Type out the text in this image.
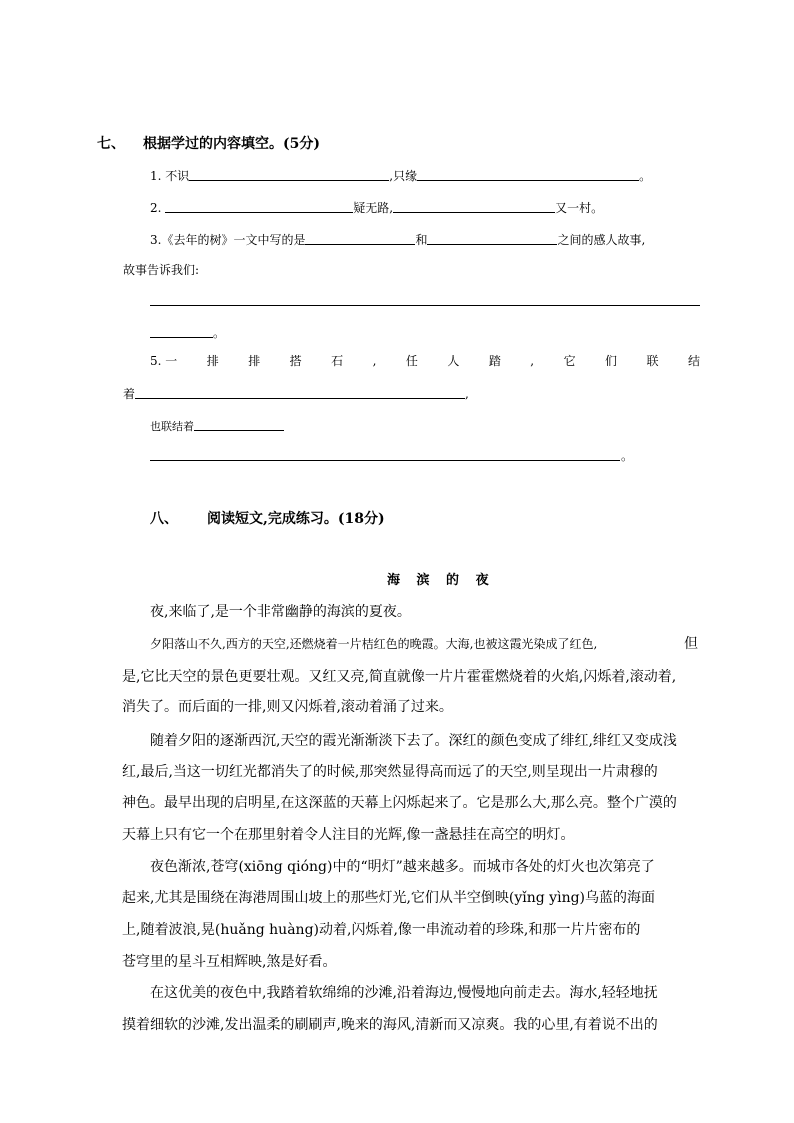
七、 根据学过的内容填空。(5分)
1. 不识	,只缘	。
2.	疑无路,	又一村。
3.《去年的树》一文中写的是	和	之间的感人故事,
故事告诉我们:
。
5. 一 排 排 搭 石 , 任 人 踏 , 它 们 联 结
着	,
也联结着
。
八、 阅读短文,完成练习。(18分)
海 滨 的 夜
夜,来临了,是一个非常幽静的海滨的夏夜。
夕阳落山不久,西方的天空,还燃烧着一片桔红色的晚霞。大海,也被这霞光染成了红色,	但
是,它比天空的景色更要壮观。又红又亮,简直就像一片片霍霍燃烧着的火焰,闪烁着,滚动着,
消失了。而后面的一排,则又闪烁着,滚动着涌了过来。
随着夕阳的逐渐西沉,天空的霞光渐渐淡下去了。深红的颜色变成了绯红,绯红又变成浅
红,最后,当这一切红光都消失了的时候,那突然显得高而远了的天空,则呈现出一片肃穆的
神色。最早出现的启明星,在这深蓝的天幕上闪烁起来了。它是那么大,那么亮。整个广漠的
天幕上只有它一个在那里射着令人注目的光辉,像一盏悬挂在高空的明灯。
夜色渐浓,苍穹(xiōng qióng)中的“明灯”越来越多。而城市各处的灯火也次第亮了
起来,尤其是围绕在海港周围山坡上的那些灯光,它们从半空倒映(yǐng yìng)乌蓝的海面
上,随着波浪,晃(huǎng huàng)动着,闪烁着,像一串流动着的珍珠,和那一片片密布的
苍穹里的星斗互相辉映,煞是好看。
在这优美的夜色中,我踏着软绵绵的沙滩,沿着海边,慢慢地向前走去。海水,轻轻地抚
摸着细软的沙滩,发出温柔的刷刷声,晚来的海风,清新而又凉爽。我的心里,有着说不出的
